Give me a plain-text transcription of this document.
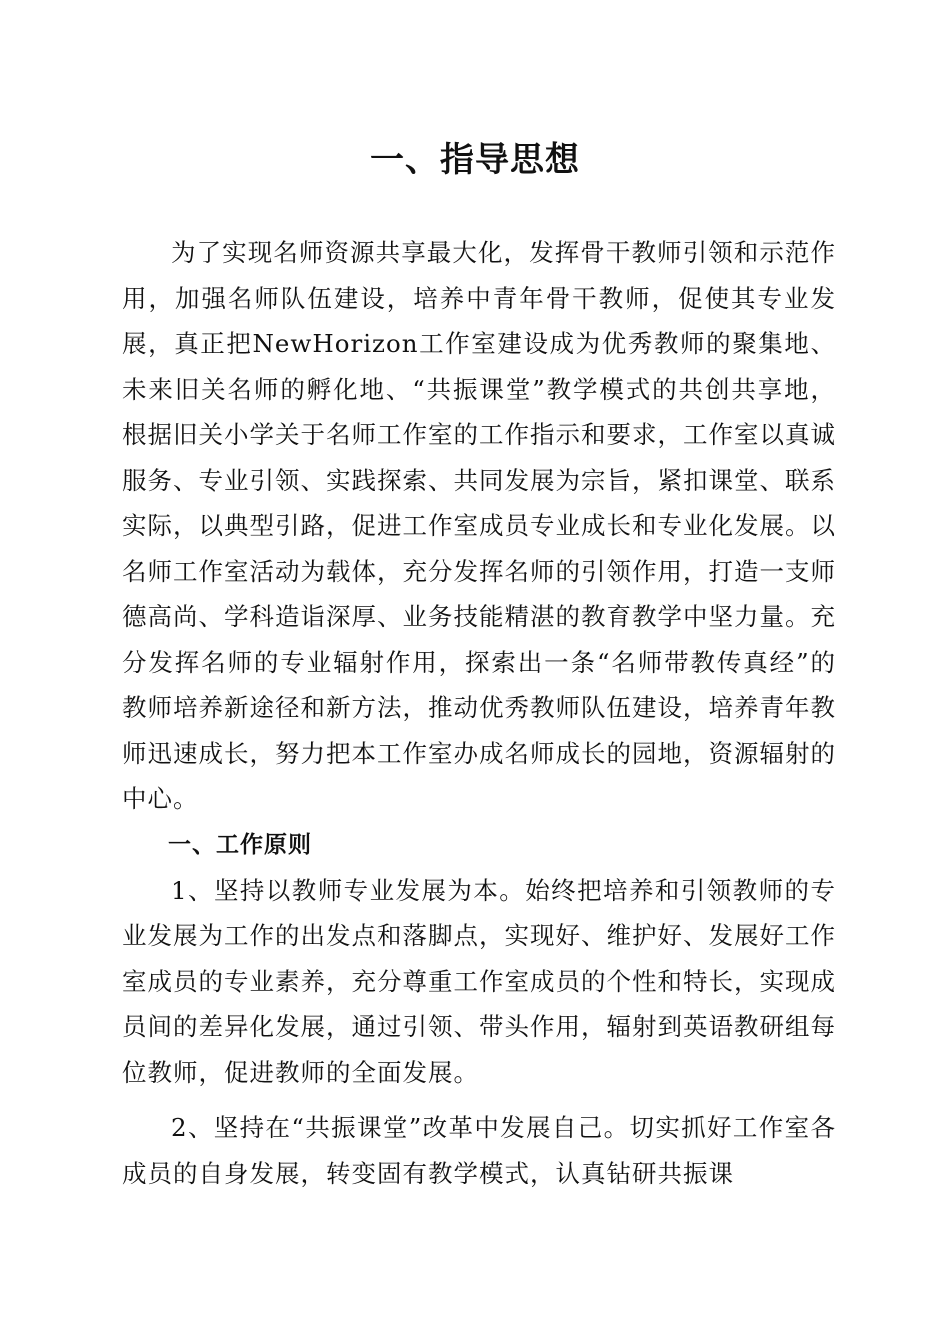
一、指导思想

为了实现名师资源共享最大化，发挥骨干教师引领和示范作用，加强名师队伍建设，培养中青年骨干教师，促使其专业发展，真正把NewHorizon工作室建设成为优秀教师的聚集地、未来旧关名师的孵化地、“共振课堂”教学模式的共创共享地，根据旧关小学关于名师工作室的工作指示和要求，工作室以真诚服务、专业引领、实践探索、共同发展为宗旨，紧扣课堂、联系实际，以典型引路，促进工作室成员专业成长和专业化发展。以名师工作室活动为载体，充分发挥名师的引领作用，打造一支师德高尚、学科造诣深厚、业务技能精湛的教育教学中坚力量。充分发挥名师的专业辐射作用，探索出一条“名师带教传真经”的教师培养新途径和新方法，推动优秀教师队伍建设，培养青年教师迅速成长，努力把本工作室办成名师成长的园地，资源辐射的中心。

一、工作原则

1、坚持以教师专业发展为本。始终把培养和引领教师的专业发展为工作的出发点和落脚点，实现好、维护好、发展好工作室成员的专业素养，充分尊重工作室成员的个性和特长，实现成员间的差异化发展，通过引领、带头作用，辐射到英语教研组每位教师，促进教师的全面发展。

2、坚持在“共振课堂”改革中发展自己。切实抓好工作室各成员的自身发展，转变固有教学模式，认真钻研共振课
